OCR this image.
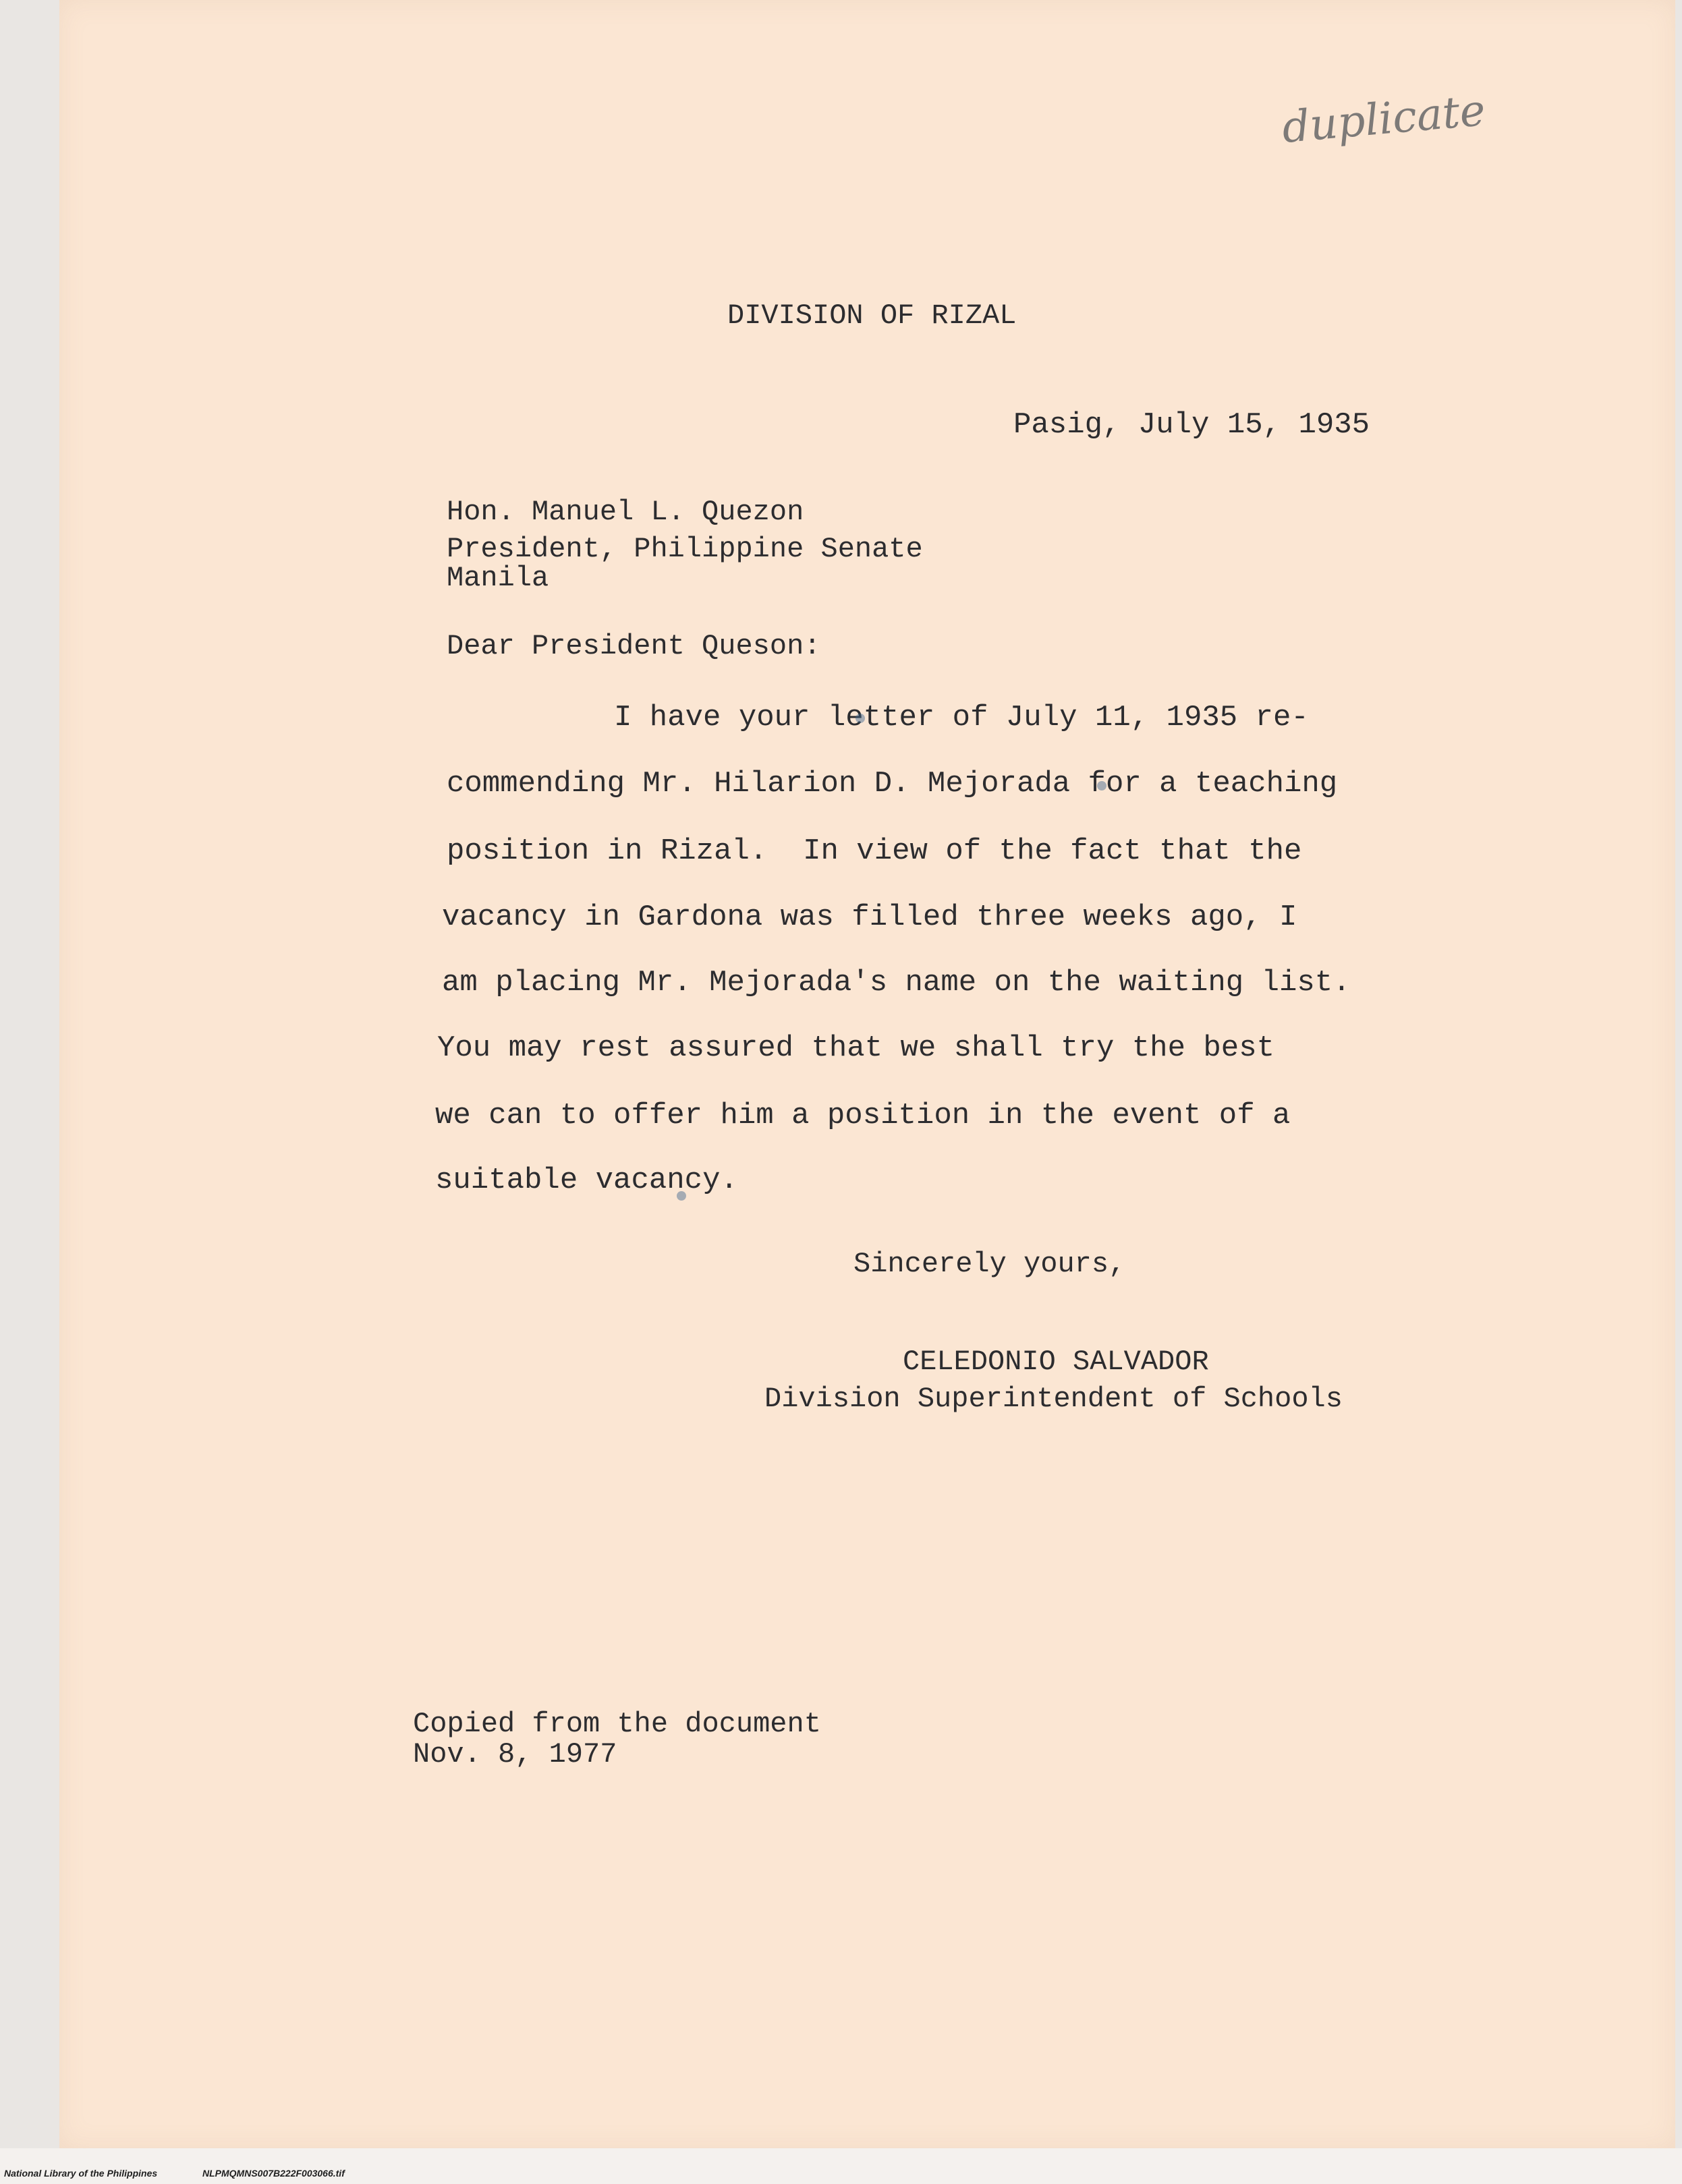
duplicate

DIVISION OF RIZAL

Pasig, July 15, 1935

Hon. Manuel L. Quezon

President, Philippine Senate

Manila

Dear President Queson:

I have your letter of July 11, 1935 re-

commending Mr. Hilarion D. Mejorada for a teaching

position in Rizal.  In view of the fact that the

vacancy in Gardona was filled three weeks ago, I

am placing Mr. Mejorada's name on the waiting list.

You may rest assured that we shall try the best

we can to offer him a position in the event of a

suitable vacancy.

Sincerely yours,

CELEDONIO SALVADOR

Division Superintendent of Schools

Copied from the document

Nov. 8, 1977

National Library of the Philippines	NLPMQMNS007B222F003066.tif
